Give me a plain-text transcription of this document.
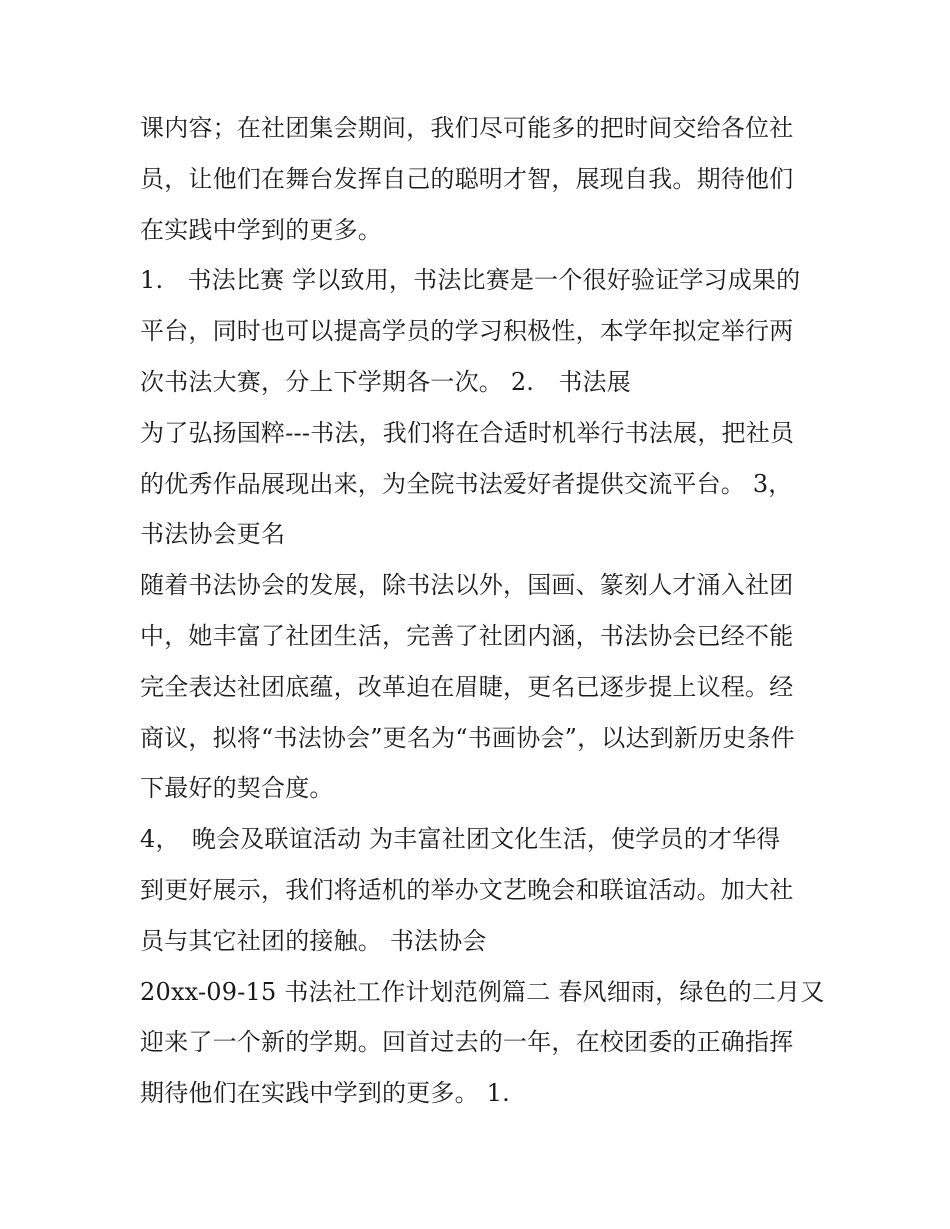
课内容；在社团集会期间，我们尽可能多的把时间交给各位社
员，让他们在舞台发挥自己的聪明才智，展现自我。期待他们
在实践中学到的更多。
1.　书法比赛 学以致用，书法比赛是一个很好验证学习成果的
平台，同时也可以提高学员的学习积极性，本学年拟定举行两
次书法大赛，分上下学期各一次。 2.　书法展
为了弘扬国粹---书法，我们将在合适时机举行书法展，把社员
的优秀作品展现出来，为全院书法爱好者提供交流平台。 3，
书法协会更名
随着书法协会的发展，除书法以外，国画、篆刻人才涌入社团
中，她丰富了社团生活，完善了社团内涵，书法协会已经不能
完全表达社团底蕴，改革迫在眉睫，更名已逐步提上议程。经
商议，拟将“书法协会”更名为“书画协会”，以达到新历史条件
下最好的契合度。
4，　晚会及联谊活动 为丰富社团文化生活，使学员的才华得
到更好展示，我们将适机的举办文艺晚会和联谊活动。加大社
员与其它社团的接触。 书法协会
20xx-09-15 书法社工作计划范例篇二 春风细雨，绿色的二月又
迎来了一个新的学期。回首过去的一年，在校团委的正确指挥
期待他们在实践中学到的更多。 1.
